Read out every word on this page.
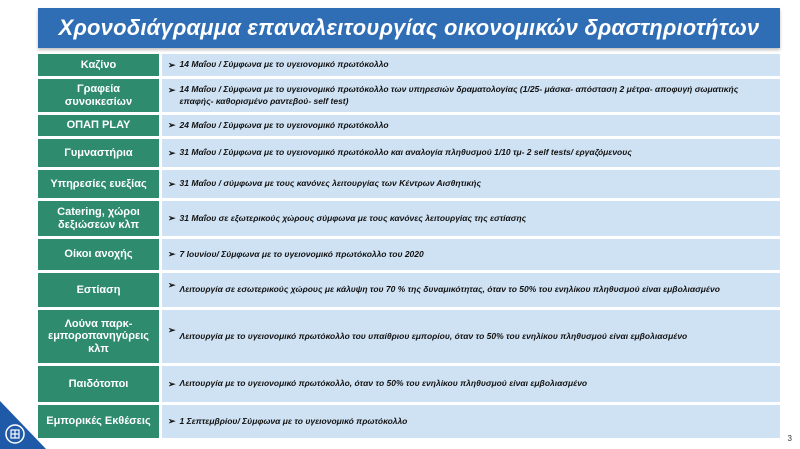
Χρονοδιάγραμμα επαναλειτουργίας οικονομικών δραστηριοτήτων
Καζίνο	➢ 14 Μαΐου / Σύμφωνα με το υγειονομικό πρωτόκολλο
Γραφεία συνοικεσίων
➢ 14 Μαΐου / Σύμφωνα με το υγειονομικό πρωτόκολλο των υπηρεσιών δραματολογίας (1/25- μάσκα- απόσταση 2 μέτρα- αποφυγή σωματικής επαφής- καθορισμένο ραντεβού- self test)
ΟΠΑΠ PLAY	➢ 24 Μαΐου / Σύμφωνα με το υγειονομικό πρωτόκολλο
Γυμναστήρια	➢ 31 Μαΐου / Σύμφωνα με το υγειονομικό πρωτόκολλο και αναλογία πληθυσμού 1/10 τμ- 2 self tests/ εργαζόμενους
Υπηρεσίες ευεξίας	➢ 31 Μαΐου / σύμφωνα με τους κανόνες λειτουργίας των Κέντρων Αισθητικής
Catering, χώροι δεξιώσεων κλπ
➢ 31 Μαΐου σε εξωτερικούς χώρους σύμφωνα με τους κανόνες λειτουργίας της εστίασης
Οίκοι ανοχής	➢ 7 Ιουνίου/ Σύμφωνα με το υγειονομικό πρωτόκολλο του 2020
Εστίαση	➢ Λειτουργία σε εσωτερικούς χώρους με κάλυψη του 70 % της δυναμικότητας, όταν το 50% του ενηλίκου πληθυσμού είναι εμβολιασμένο
Λούνα παρκ- εμποροπανηγύρεις κλπ
➢
Λειτουργία με το υγειονομικό πρωτόκολλο του υπαίθριου εμπορίου, όταν το 50% του ενηλίκου πληθυσμού είναι εμβολιασμένο
Παιδότοποι	➢ Λειτουργία με το υγειονομικό πρωτόκολλο, όταν το 50% του ενηλίκου πληθυσμού είναι εμβολιασμένο
Εμπορικές Εκθέσεις	➢ 1 Σεπτεμβρίου/ Σύμφωνα με το υγειονομικό πρωτόκολλο
3
